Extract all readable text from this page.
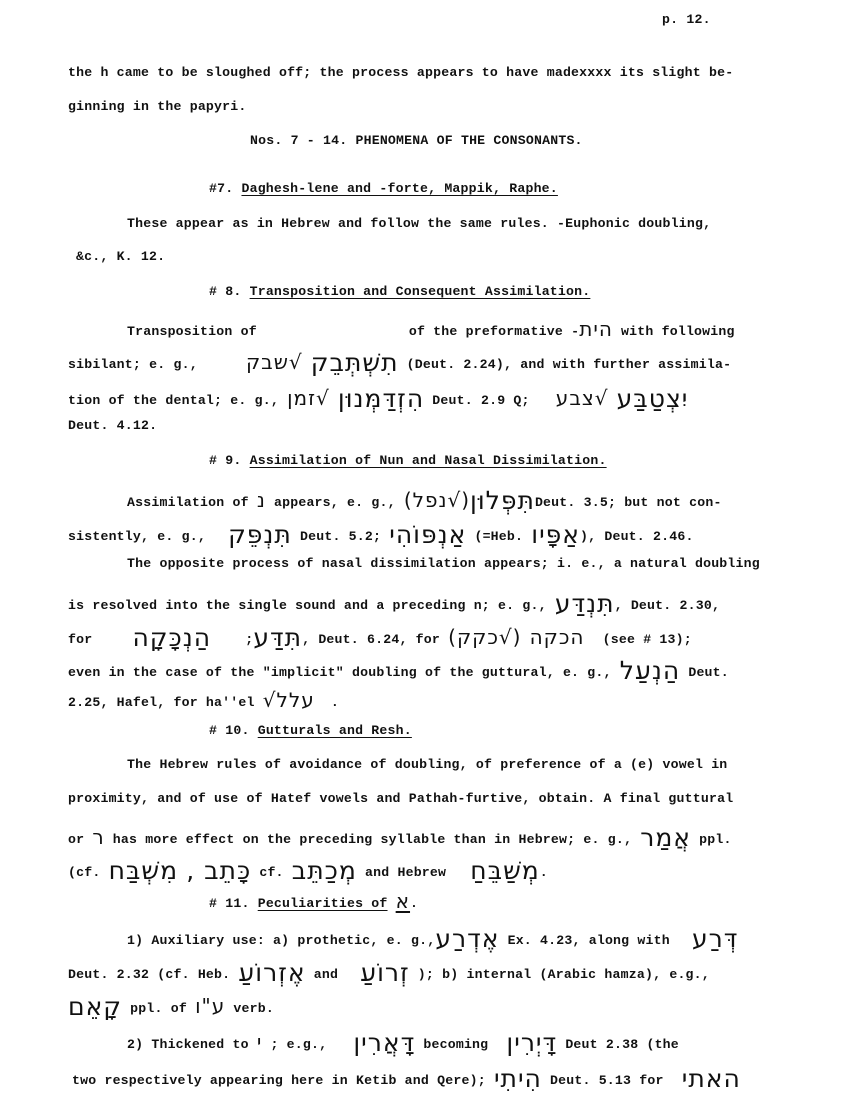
p. 12.
the h came to be sloughed off; the process appears to have madexxxx its slight be-
ginning in the papyri.
Nos. 7 - 14. PHENOMENA OF THE CONSONANTS.
#7. Daghesh-lene and -forte, Mappik, Raphe.
These appear as in Hebrew and follow the same rules. -Euphonic doubling,
&c., K. 12.
# 8. Transposition and Consequent Assimilation.
Transposition of	of the preformative -הית with following
sibilant; e. g.,	תִשְׁתְּבֵק √שבק	(Deut. 2.24), and with further assimila-
tion of the dental; e. g., הִזְדַּמְּנוּן √זמן	Deut. 2.9 Q;	יִצְטַבַּע √צבע
Deut. 4.12.
# 9. Assimilation of Nun and Nasal Dissimilation.
Assimilation of נ appears, e. g.,	תִּפְּלוּן(√נפל)	Deut. 3.5; but not con-
sistently, e. g., תִּנְפֵּק Deut. 5.2; אַנְפּוֹהִי (=Heb. אַפָּיו), Deut. 2.46.
The opposite process of nasal dissimilation appears; i. e., a natural doubling
is resolved into the single sound and a preceding n; e. g., תִּנְדַּע, Deut. 2.30,
for	תִּדַּע; הַנְכָּקָה	, Deut. 6.24, for	הכקה (√כקק)	(see # 13);
even in the case of the "implicit" doubling of the guttural, e. g., הַנְעַל Deut.
2.25, Hafel, for ha''el √עלל .
# 10. Gutturals and Resh.
The Hebrew rules of avoidance of doubling, of preference of a (e) vowel in
proximity, and of use of Hatef vowels and Pathah-furtive, obtain. A final guttural
or ר has more effect on the preceding syllable than in Hebrew; e. g., אֲמַר ppl.
(cf.	כָּתֵב , מִשְׁבַּח	cf. מְכַתֵּב and Hebrew מְשַׁבֵּחַ.
# 11. Peculiarities of א.
1) Auxiliary use: a) prothetic, e. g.,אֶדְרַע Ex. 4.23, along with דְּרַע
Deut. 2.32 (cf. Heb. אֶזְרוֹעַ and זְרוֹעַ ); b) internal (Arabic hamza), e.g.,
קָאֵם ppl. of ע"ו verb.
2) Thickened to י ; e.g., דָּאֲרִין becoming דָּיְרִין Deut 2.38 (the
two respectively appearing here in Ketib and Qere); הִיתִי Deut. 5.13 for האתי
